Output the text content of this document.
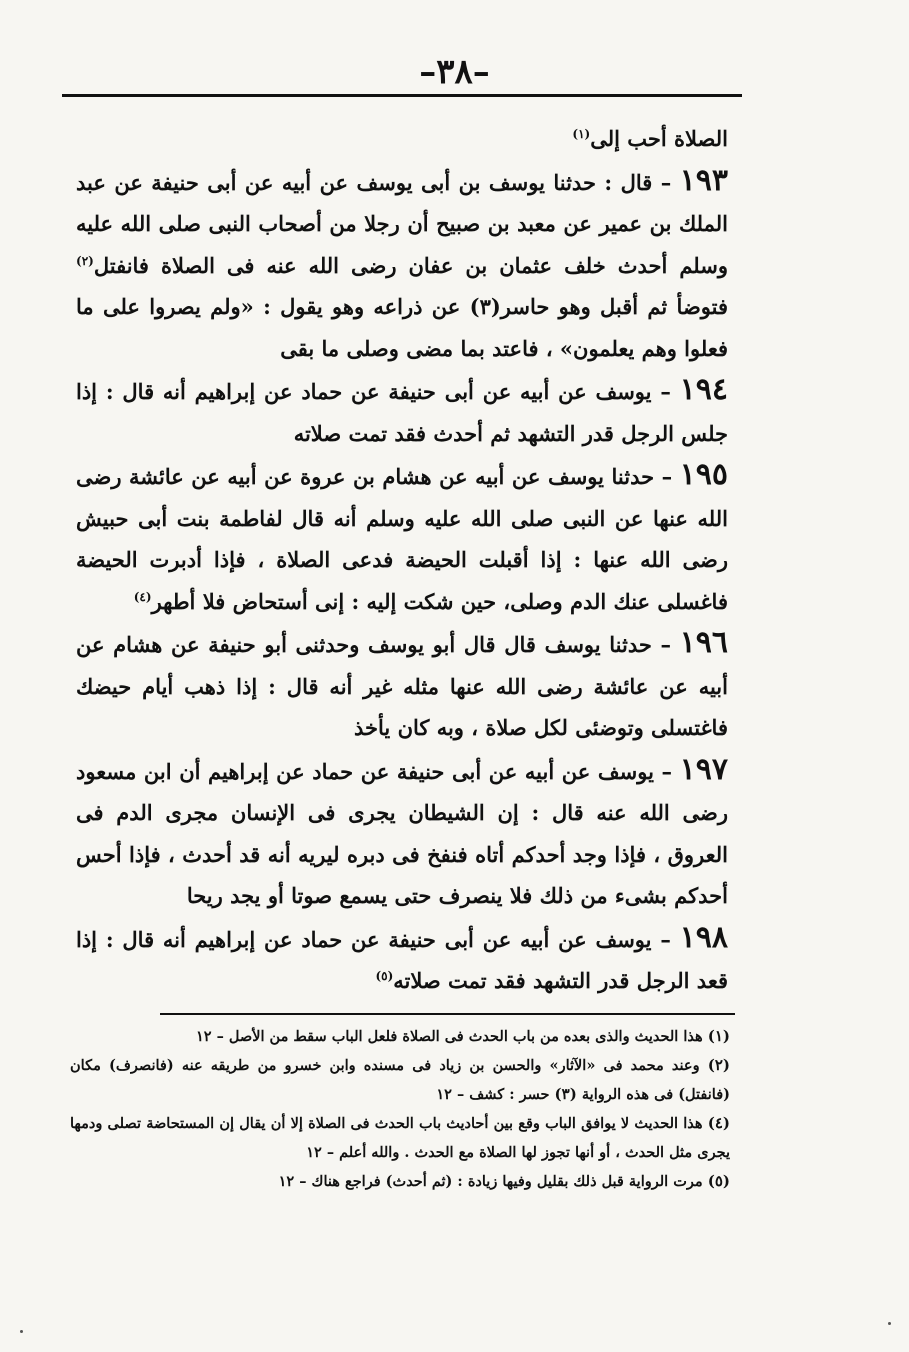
–٣٨–

الصلاة أحب إلى$^{(١)}$

١٩٣ – قال : حدثنا يوسف بن أبى يوسف عن أبيه عن أبى حنيفة عن عبد الملك بن عمير عن معبد بن صبيح أن رجلا من أصحاب النبى صلى الله عليه وسلم أحدث خلف عثمان بن عفان رضى الله عنه فى الصلاة فانفتل$^{(٢)}$ فتوضأ ثم أقبل وهو حاسر(٣) عن ذراعه وهو يقول : «ولم يصروا على ما فعلوا وهم يعلمون» ، فاعتد بما مضى وصلى ما بقى

١٩٤ – يوسف عن أبيه عن أبى حنيفة عن حماد عن إبراهيم أنه قال : إذا جلس الرجل قدر التشهد ثم أحدث فقد تمت صلاته

١٩٥ – حدثنا يوسف عن أبيه عن هشام بن عروة عن أبيه عن عائشة رضى الله عنها عن النبى صلى الله عليه وسلم أنه قال لفاطمة بنت أبى حبيش رضى الله عنها : إذا أقبلت الحيضة فدعى الصلاة ، فإذا أدبرت الحيضة فاغسلى عنك الدم وصلى، حين شكت إليه : إنى أستحاض فلا أطهر$^{(٤)}$

١٩٦ – حدثنا يوسف قال قال أبو يوسف وحدثنى أبو حنيفة عن هشام عن أبيه عن عائشة رضى الله عنها مثله غير أنه قال : إذا ذهب أيام حيضك فاغتسلى وتوضئى لكل صلاة ، وبه كان يأخذ

١٩٧ – يوسف عن أبيه عن أبى حنيفة عن حماد عن إبراهيم أن ابن مسعود رضى الله عنه قال : إن الشيطان يجرى فى الإنسان مجرى الدم فى العروق ، فإذا وجد أحدكم أتاه فنفخ فى دبره ليريه أنه قد أحدث ، فإذا أحس أحدكم بشىء من ذلك فلا ينصرف حتى يسمع صوتا أو يجد ريحا

١٩٨ – يوسف عن أبيه عن أبى حنيفة عن حماد عن إبراهيم أنه قال : إذا قعد الرجل قدر التشهد فقد تمت صلاته$^{(٥)}$

(١) هذا الحديث والذى بعده من باب الحدث فى الصلاة فلعل الباب سقط من الأصل – ١٢

(٢) وعند محمد فى «الآثار» والحسن بن زياد فى مسنده وابن خسرو من طريقه عنه (فانصرف) مكان (فانفتل) فى هذه الرواية (٣) حسر : كشف – ١٢

(٤) هذا الحديث لا يوافق الباب وقع بين أحاديث باب الحدث فى الصلاة إلا أن يقال إن المستحاضة تصلى ودمها يجرى مثل الحدث ، أو أنها تجوز لها الصلاة مع الحدث . والله أعلم – ١٢

(٥) مرت الرواية قبل ذلك بقليل وفيها زيادة : (ثم أحدث) فراجع هناك – ١٢
